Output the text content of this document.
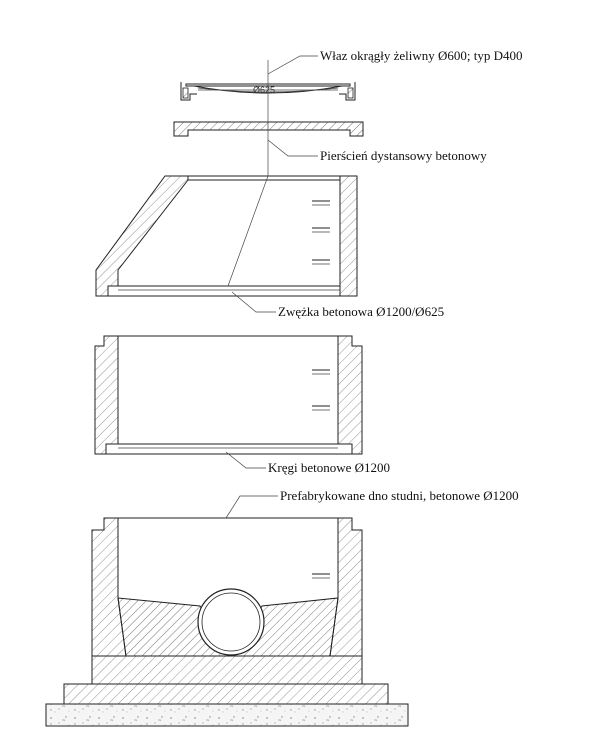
Ø625
Właz okrągły żeliwny Ø600; typ D400
Pierścień dystansowy betonowy
Zwężka betonowa Ø1200/Ø625
Kręgi betonowe Ø1200
Prefabrykowane dno studni, betonowe Ø1200
